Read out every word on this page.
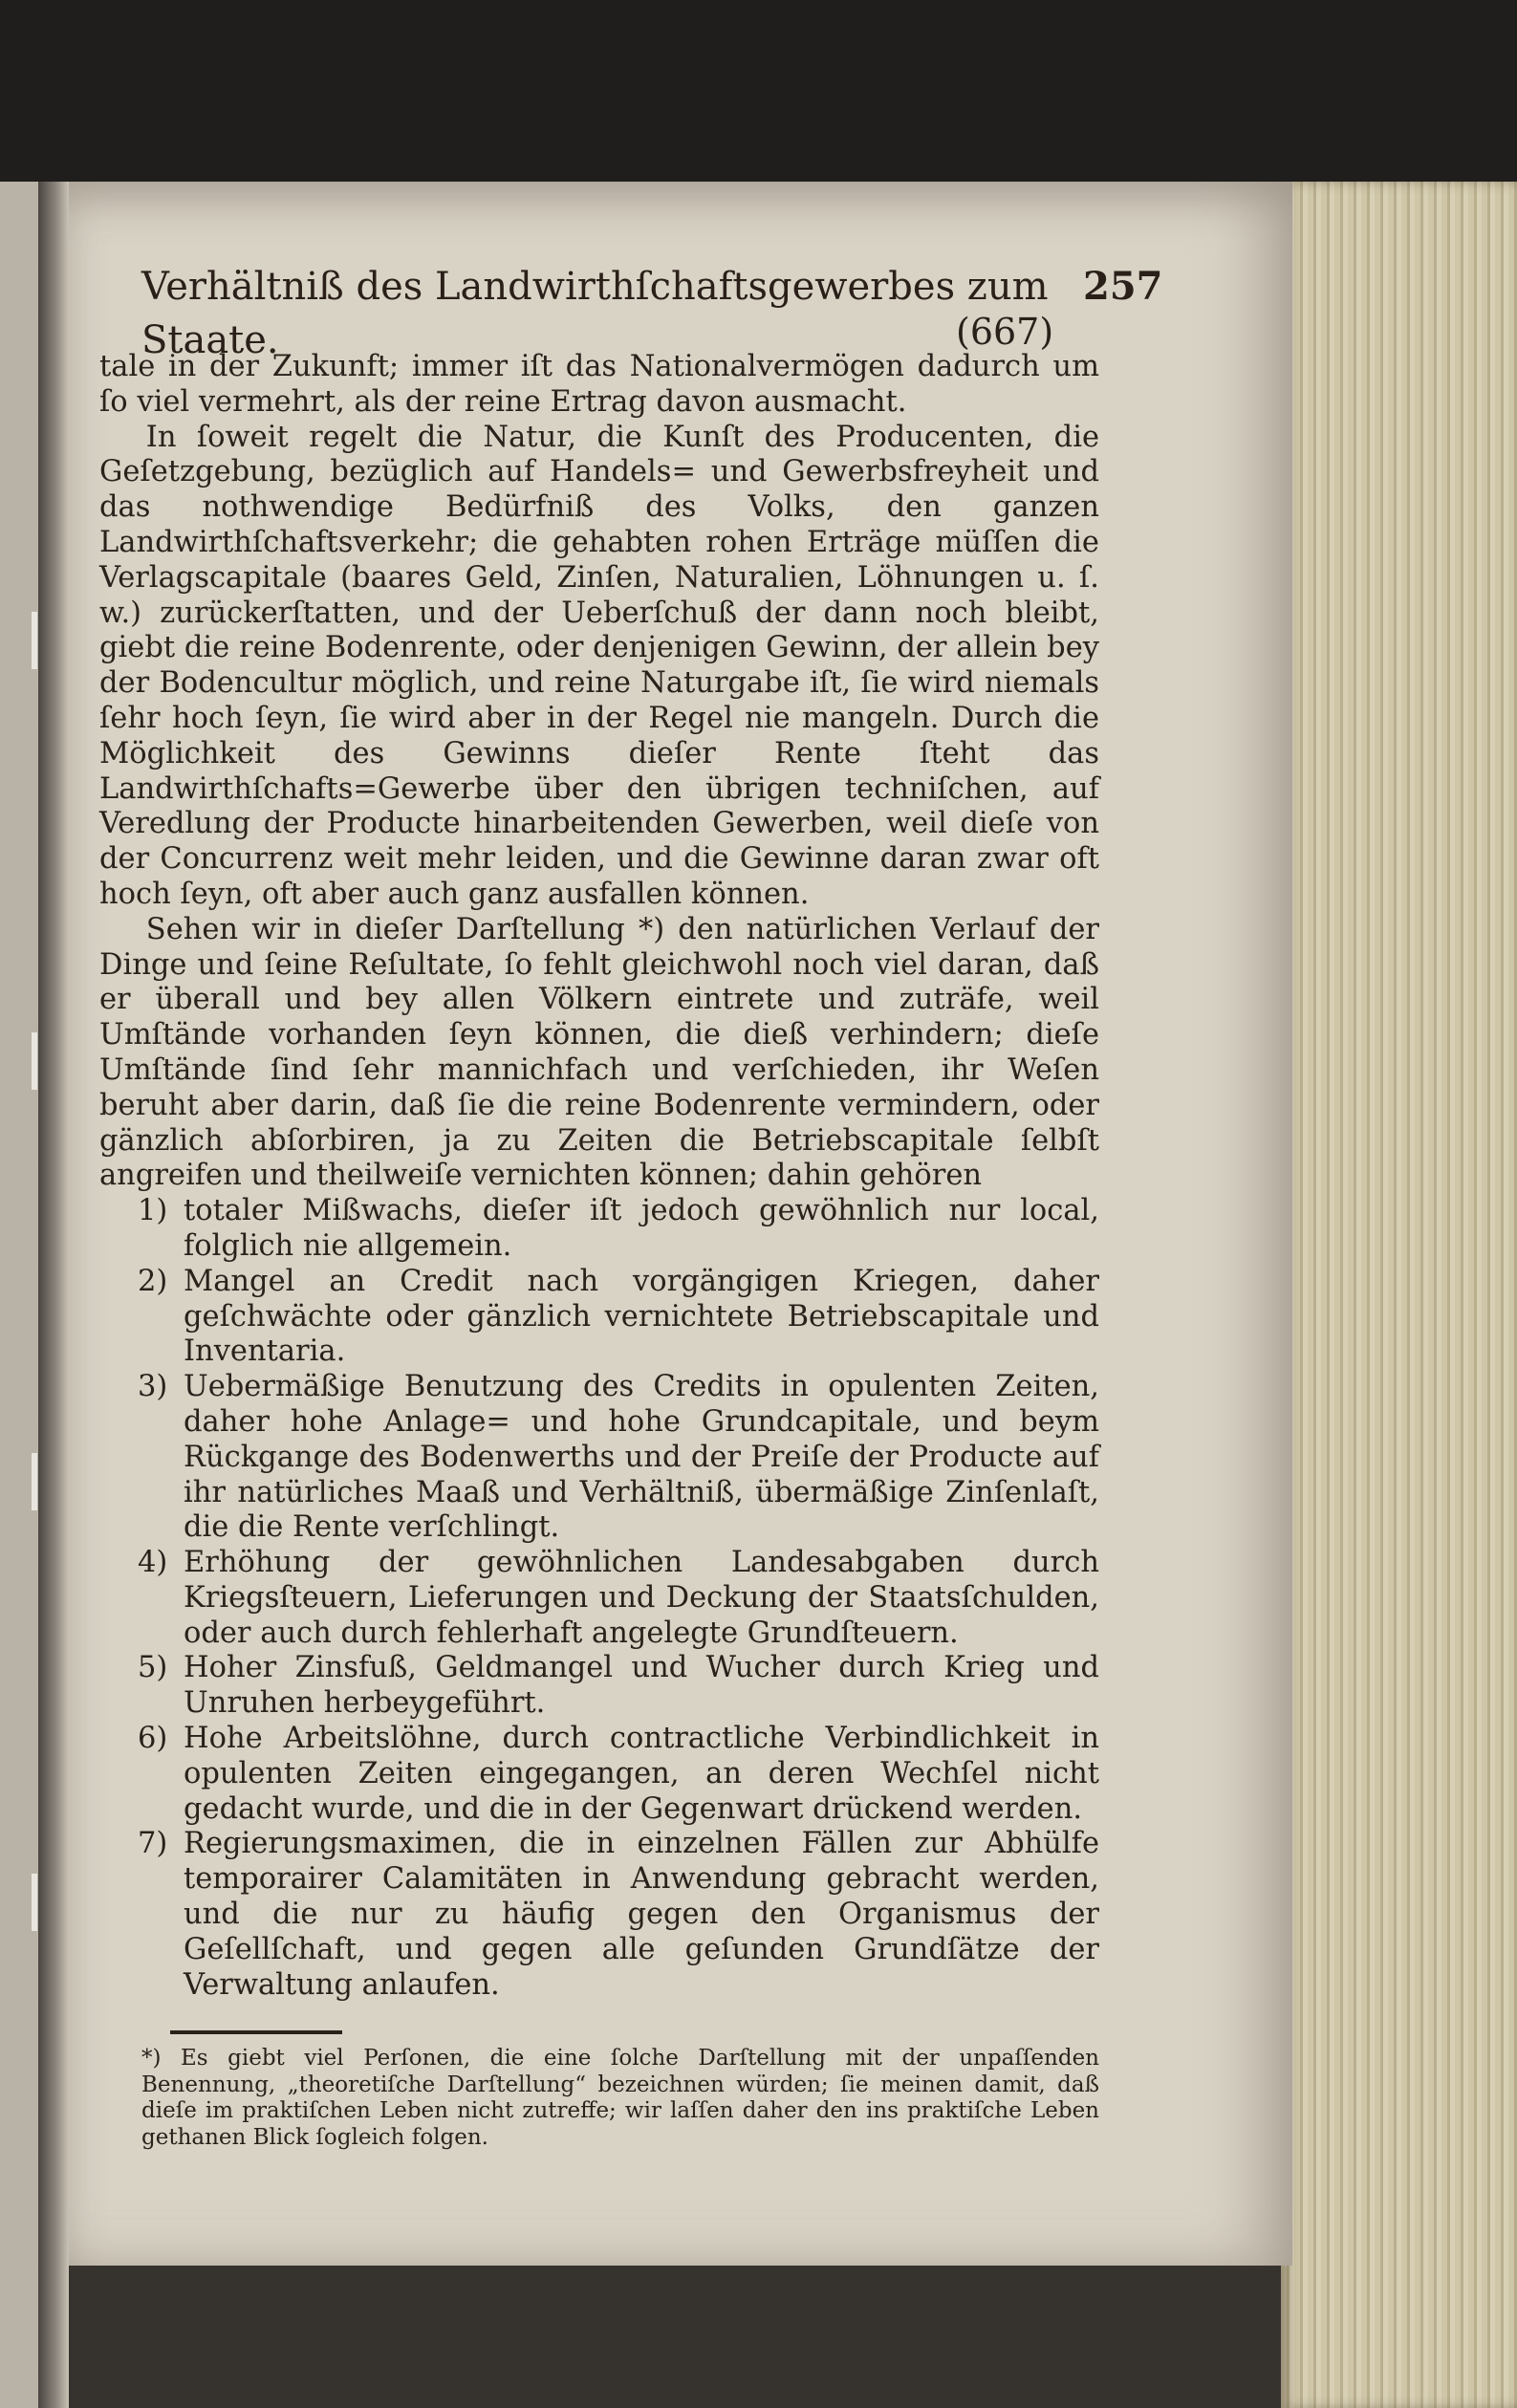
Verhältniß des Landwirthſchaftsgewerbes zum Staate.
257
(667)

tale in der Zukunft; immer iſt das Nationalvermögen dadurch um ſo viel vermehrt, als der reine Ertrag davon ausmacht.

In ſoweit regelt die Natur, die Kunſt des Producenten, die Geſetzgebung, bezüglich auf Handels= und Gewerbsfreyheit und das nothwendige Bedürfniß des Volks, den ganzen Landwirthſchaftsverkehr; die gehabten rohen Erträge müſſen die Verlagscapitale (baares Geld, Zinſen, Naturalien, Löhnungen u. ſ. w.) zurückerſtatten, und der Ueberſchuß der dann noch bleibt, giebt die reine Bodenrente, oder denjenigen Gewinn, der allein bey der Bodencultur möglich, und reine Naturgabe iſt, ſie wird niemals ſehr hoch ſeyn, ſie wird aber in der Regel nie mangeln. Durch die Möglichkeit des Gewinns dieſer Rente ſteht das Landwirthſchafts=Gewerbe über den übrigen techniſchen, auf Veredlung der Producte hinarbeitenden Gewerben, weil dieſe von der Concurrenz weit mehr leiden, und die Gewinne daran zwar oft hoch ſeyn, oft aber auch ganz ausfallen können.

Sehen wir in dieſer Darſtellung *) den natürlichen Verlauf der Dinge und ſeine Reſultate, ſo fehlt gleichwohl noch viel daran, daß er überall und bey allen Völkern eintrete und zuträfe, weil Umſtände vorhanden ſeyn können, die dieß verhindern; dieſe Umſtände ſind ſehr mannichfach und verſchieden, ihr Weſen beruht aber darin, daß ſie die reine Bodenrente vermindern, oder gänzlich abſorbiren, ja zu Zeiten die Betriebscapitale ſelbſt angreifen und theilweiſe vernichten können; dahin gehören

1) totaler Mißwachs, dieſer iſt jedoch gewöhnlich nur local, folglich nie allgemein.
2) Mangel an Credit nach vorgängigen Kriegen, daher geſchwächte oder gänzlich vernichtete Betriebscapitale und Inventaria.
3) Uebermäßige Benutzung des Credits in opulenten Zeiten, daher hohe Anlage= und hohe Grundcapitale, und beym Rückgange des Bodenwerths und der Preiſe der Producte auf ihr natürliches Maaß und Verhältniß, übermäßige Zinſenlaſt, die die Rente verſchlingt.
4) Erhöhung der gewöhnlichen Landesabgaben durch Kriegsſteuern, Lieferungen und Deckung der Staatsſchulden, oder auch durch fehlerhaft angelegte Grundſteuern.
5) Hoher Zinsfuß, Geldmangel und Wucher durch Krieg und Unruhen herbeygeführt.
6) Hohe Arbeitslöhne, durch contractliche Verbindlichkeit in opulenten Zeiten eingegangen, an deren Wechſel nicht gedacht wurde, und die in der Gegenwart drückend werden.
7) Regierungsmaximen, die in einzelnen Fällen zur Abhülfe temporairer Calamitäten in Anwendung gebracht werden, und die nur zu häufig gegen den Organismus der Geſellſchaft, und gegen alle geſunden Grundſätze der Verwaltung anlaufen.
*) Es giebt viel Perſonen, die eine ſolche Darſtellung mit der unpaſſenden Benennung, „theoretiſche Darſtellung“ bezeichnen würden; ſie meinen damit, daß dieſe im praktiſchen Leben nicht zutreffe; wir laſſen daher den ins praktiſche Leben gethanen Blick ſogleich folgen.
